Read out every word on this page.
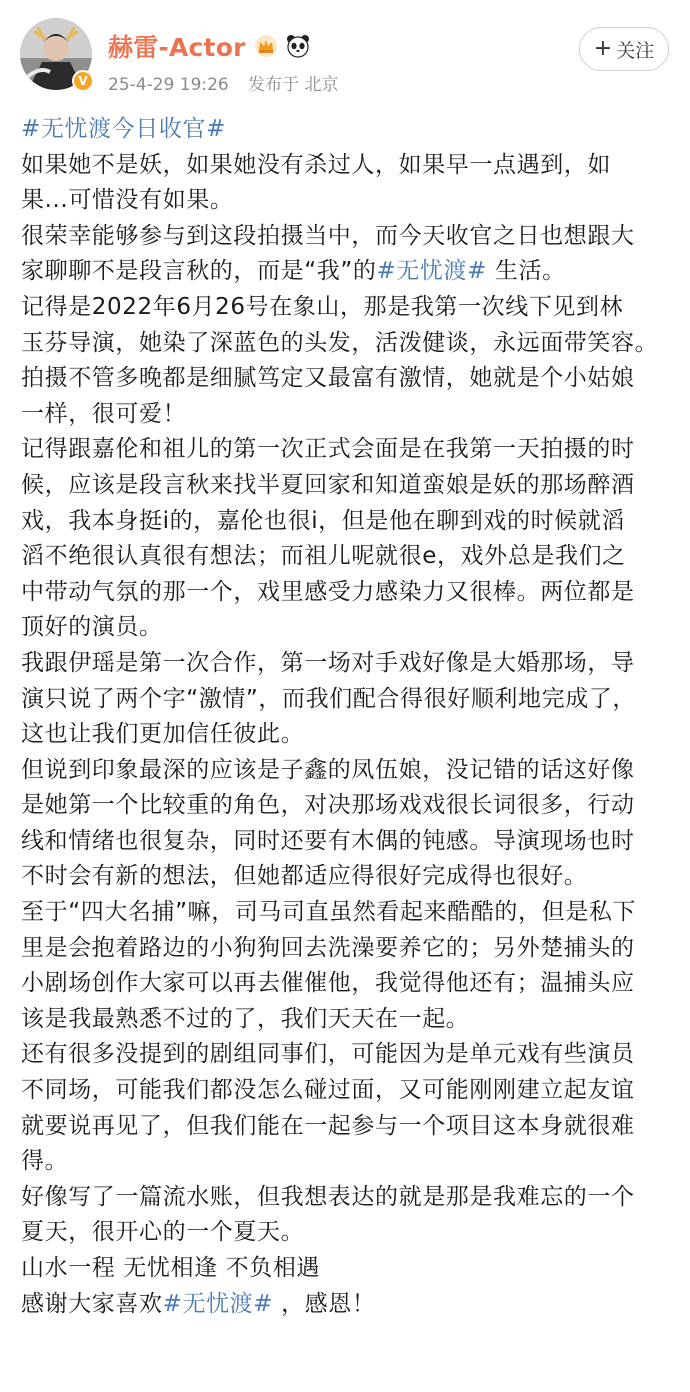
V
赫雷-Actor
25-4-29 19:26 发布于 北京
+ 关注
#无忧渡今日收官#
如果她不是妖，如果她没有杀过人，如果早一点遇到，如
果...可惜没有如果。
很荣幸能够参与到这段拍摄当中，而今天收官之日也想跟大
家聊聊不是段言秋的，而是“我”的#无忧渡# 生活。
记得是2022年6月26号在象山，那是我第一次线下见到林
玉芬导演，她染了深蓝色的头发，活泼健谈，永远面带笑容。
拍摄不管多晚都是细腻笃定又最富有激情，她就是个小姑娘
一样，很可爱！
记得跟嘉伦和祖儿的第一次正式会面是在我第一天拍摄的时
候，应该是段言秋来找半夏回家和知道蛮娘是妖的那场醉酒
戏，我本身挺i的，嘉伦也很i，但是他在聊到戏的时候就滔
滔不绝很认真很有想法；而祖儿呢就很e，戏外总是我们之
中带动气氛的那一个，戏里感受力感染力又很棒。两位都是
顶好的演员。
我跟伊瑶是第一次合作，第一场对手戏好像是大婚那场，导
演只说了两个字“激情”，而我们配合得很好顺利地完成了，
这也让我们更加信任彼此。
但说到印象最深的应该是子鑫的凤伍娘，没记错的话这好像
是她第一个比较重的角色，对决那场戏戏很长词很多，行动
线和情绪也很复杂，同时还要有木偶的钝感。导演现场也时
不时会有新的想法，但她都适应得很好完成得也很好。
至于“四大名捕”嘛，司马司直虽然看起来酷酷的，但是私下
里是会抱着路边的小狗狗回去洗澡要养它的；另外楚捕头的
小剧场创作大家可以再去催催他，我觉得他还有；温捕头应
该是我最熟悉不过的了，我们天天在一起。
还有很多没提到的剧组同事们，可能因为是单元戏有些演员
不同场，可能我们都没怎么碰过面，又可能刚刚建立起友谊
就要说再见了，但我们能在一起参与一个项目这本身就很难
得。
好像写了一篇流水账，但我想表达的就是那是我难忘的一个
夏天，很开心的一个夏天。
山水一程 无忧相逢 不负相遇
感谢大家喜欢#无忧渡# ，感恩！
